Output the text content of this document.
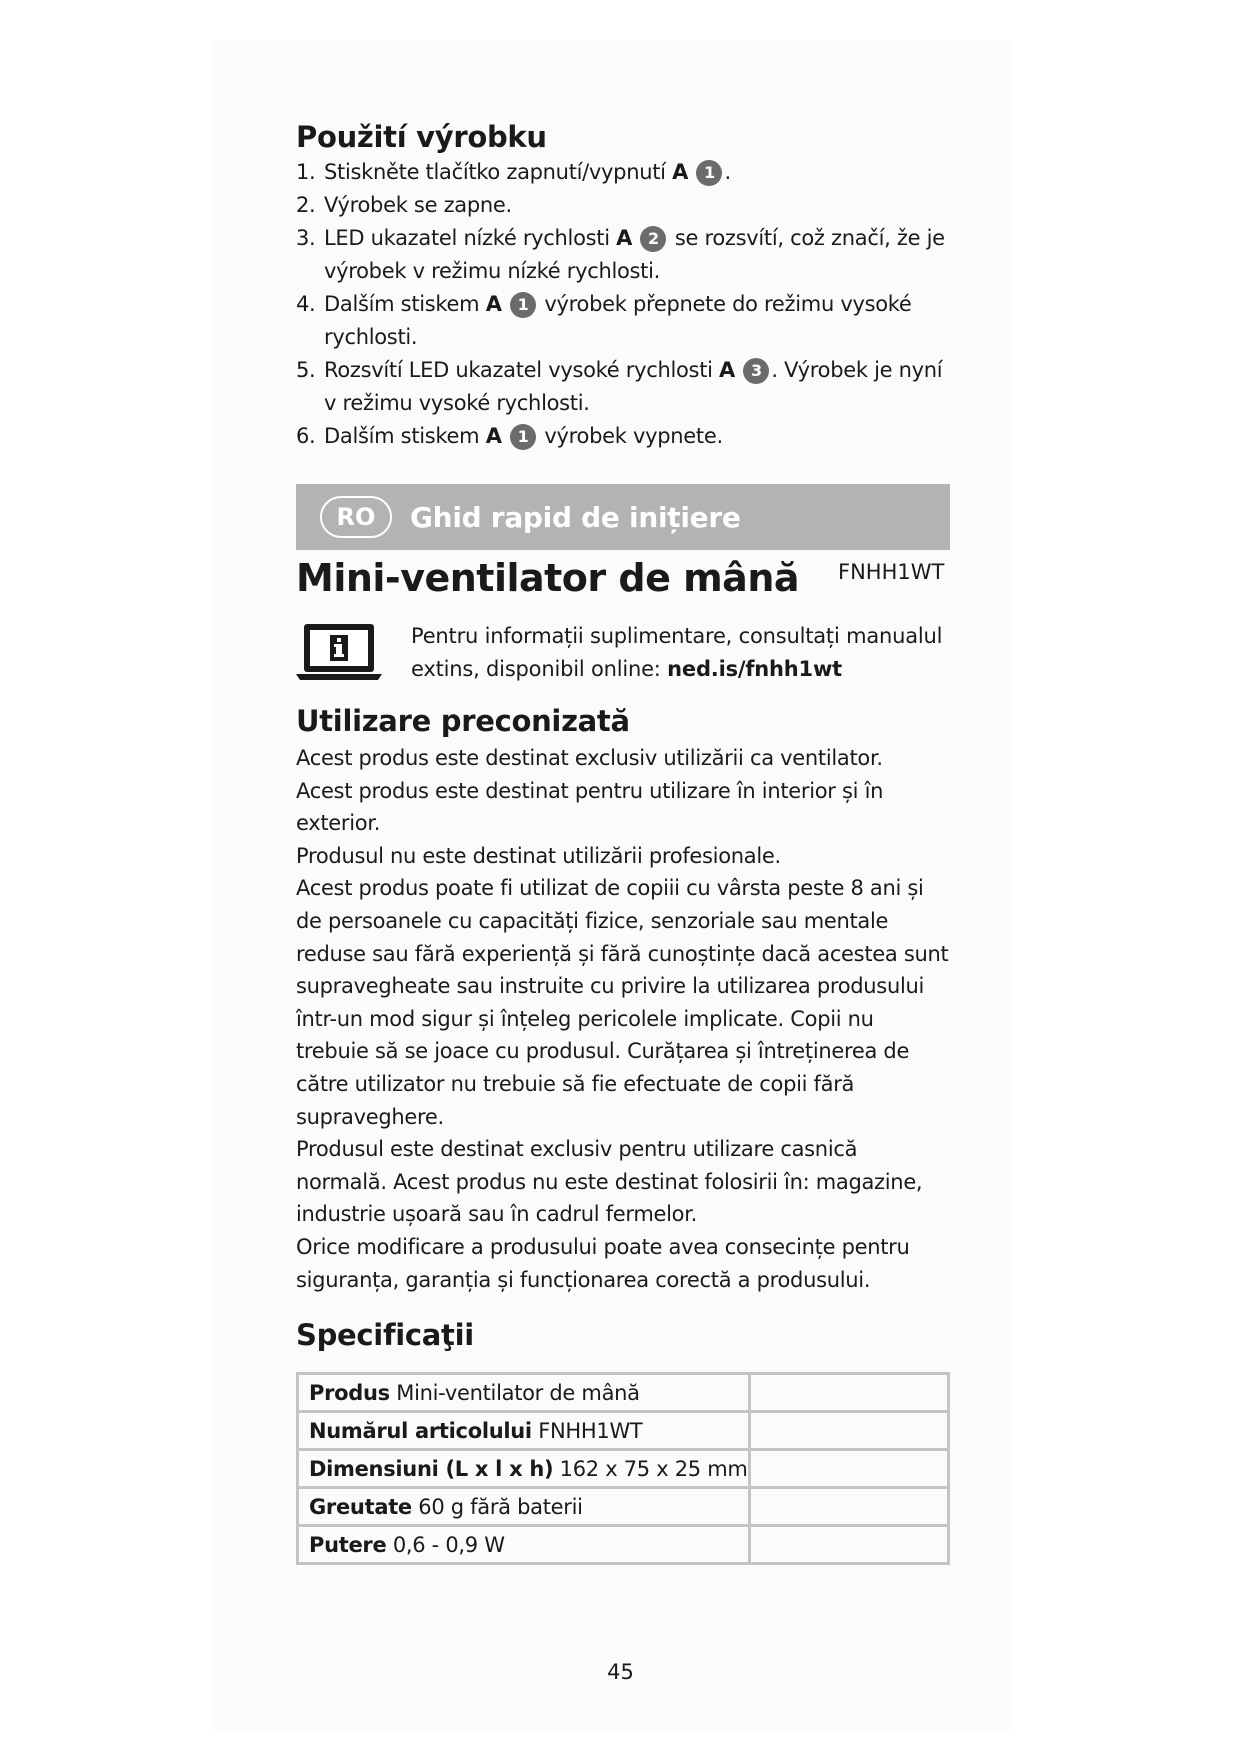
Použití výrobku
1. Stiskněte tlačítko zapnutí/vypnutí A 1 .
2. Výrobek se zapne.
3. LED ukazatel nízké rychlosti A 2 se rozsvítí, což značí, že je výrobek v režimu nízké rychlosti.
4. Dalším stiskem A 1 výrobek přepnete do režimu vysoké rychlosti.
5. Rozsvítí LED ukazatel vysoké rychlosti A 3 . Výrobek je nyní v režimu vysoké rychlosti.
6. Dalším stiskem A 1 výrobek vypnete.
RO	Ghid rapid de inițiere
Mini-ventilator de mână FNHH1WT
Pentru informații suplimentare, consultați manualul extins, disponibil online: ned.is/fnhh1wt
Utilizare preconizată

Acest produs este destinat exclusiv utilizării ca ventilator.

Acest produs este destinat pentru utilizare în interior și în exterior.

Produsul nu este destinat utilizării profesionale.

Acest produs poate fi utilizat de copiii cu vârsta peste 8 ani și de persoanele cu capacități fizice, senzoriale sau mentale reduse sau fără experiență și fără cunoștințe dacă acestea sunt supravegheate sau instruite cu privire la utilizarea produsului într-un mod sigur și înțeleg pericolele implicate. Copii nu trebuie să se joace cu produsul. Curățarea și întreținerea de către utilizator nu trebuie să fie efectuate de copii fără supraveghere.

Produsul este destinat exclusiv pentru utilizare casnică normală. Acest produs nu este destinat folosirii în: magazine, industrie ușoară sau în cadrul fermelor.

Orice modificare a produsului poate avea consecințe pentru siguranța, garanția și funcționarea corectă a produsului.

Specificaţii
Produs Mini-ventilator de mână	
Numărul articolului FNHH1WT	
Dimensiuni (L x l x h) 162 x 75 x 25 mm	
Greutate 60 g fără baterii	
Putere 0,6 - 0,9 W	
45
